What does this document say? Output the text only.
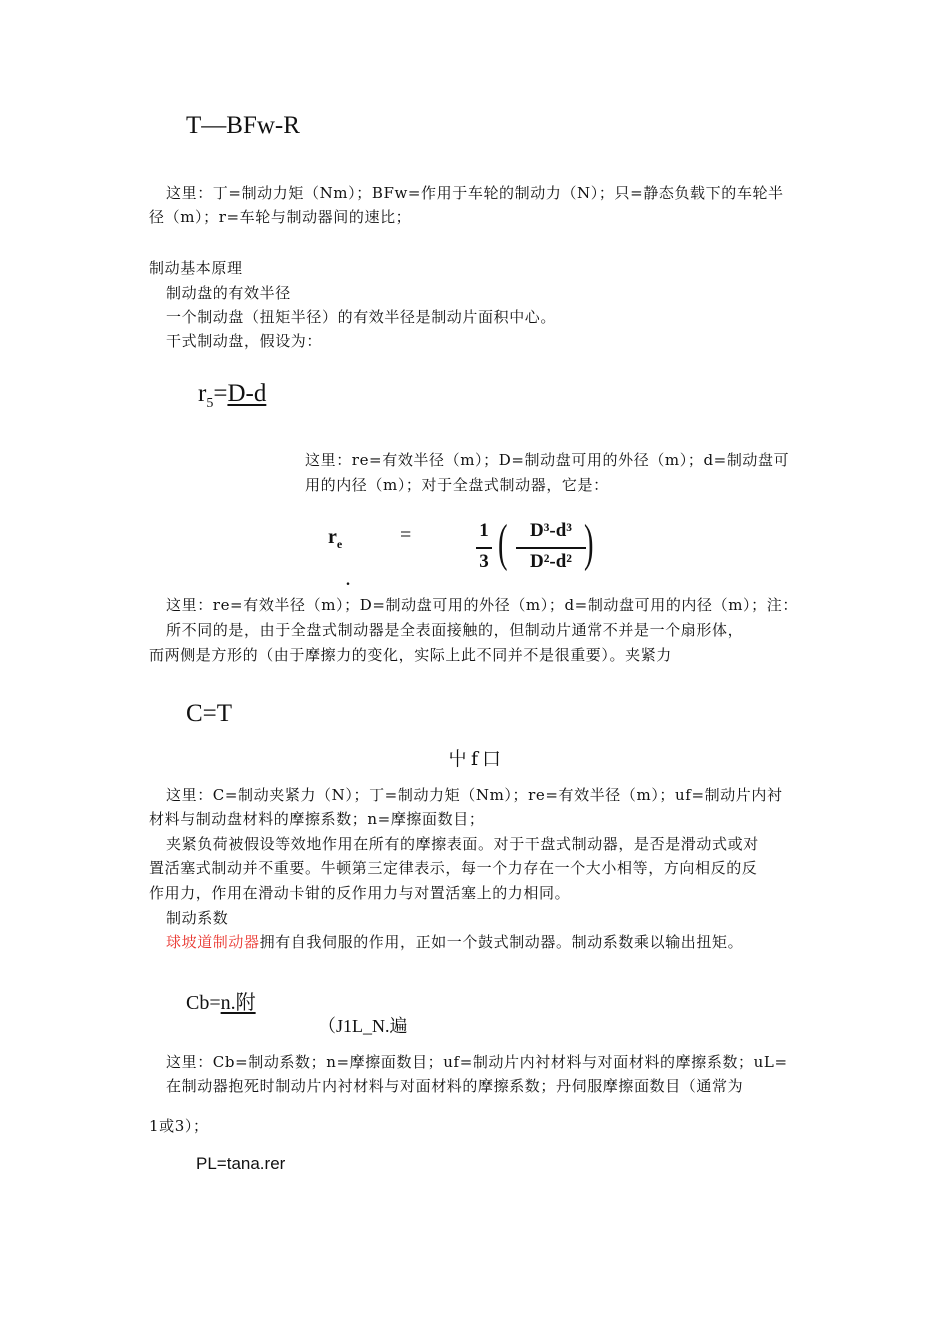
T—BFw-R
这里：丁=制动力矩（Nm）；BFw=作用于车轮的制动力（N）；只=静态负载下的车轮半
径（m）；r=车轮与制动器间的速比；
制动基本原理
制动盘的有效半径
一个制动盘（扭矩半径）的有效半径是制动片面积中心。
干式制动盘，假设为：
$r_5=D-d$
这里：re=有效半径（m）；D=制动盘可用的外径（m）；d=制动盘可
用的内径（m）；对于全盘式制动器，它是：
$r_e$	=	1
3 (	D³-d³
D²-d² )
.
这里：re=有效半径（m）；D=制动盘可用的外径（m）；d=制动盘可用的内径（m）；注：
所不同的是，由于全盘式制动器是全表面接触的，但制动片通常不并是一个扇形体，
而两侧是方形的（由于摩擦力的变化，实际上此不同并不是很重要）。夹紧力
C=T
屮f口
这里：C=制动夹紧力（N）；丁=制动力矩（Nm）；re=有效半径（m）；uf=制动片内衬
材料与制动盘材料的摩擦系数；n=摩擦面数目；
夹紧负荷被假设等效地作用在所有的摩擦表面。对于干盘式制动器，是否是滑动式或对
置活塞式制动并不重要。牛顿第三定律表示，每一个力存在一个大小相等，方向相反的反
作用力，作用在滑动卡钳的反作用力与对置活塞上的力相同。
制动系数
球坡道制动器拥有自我伺服的作用，正如一个鼓式制动器。制动系数乘以输出扭矩。
Cb=n.附
（J1L_N.遍
这里：Cb=制动系数；n=摩擦面数目；uf=制动片内衬材料与对面材料的摩擦系数；uL=
在制动器抱死时制动片内衬材料与对面材料的摩擦系数；丹伺服摩擦面数目（通常为
1或3）；
PL=tana.rer
